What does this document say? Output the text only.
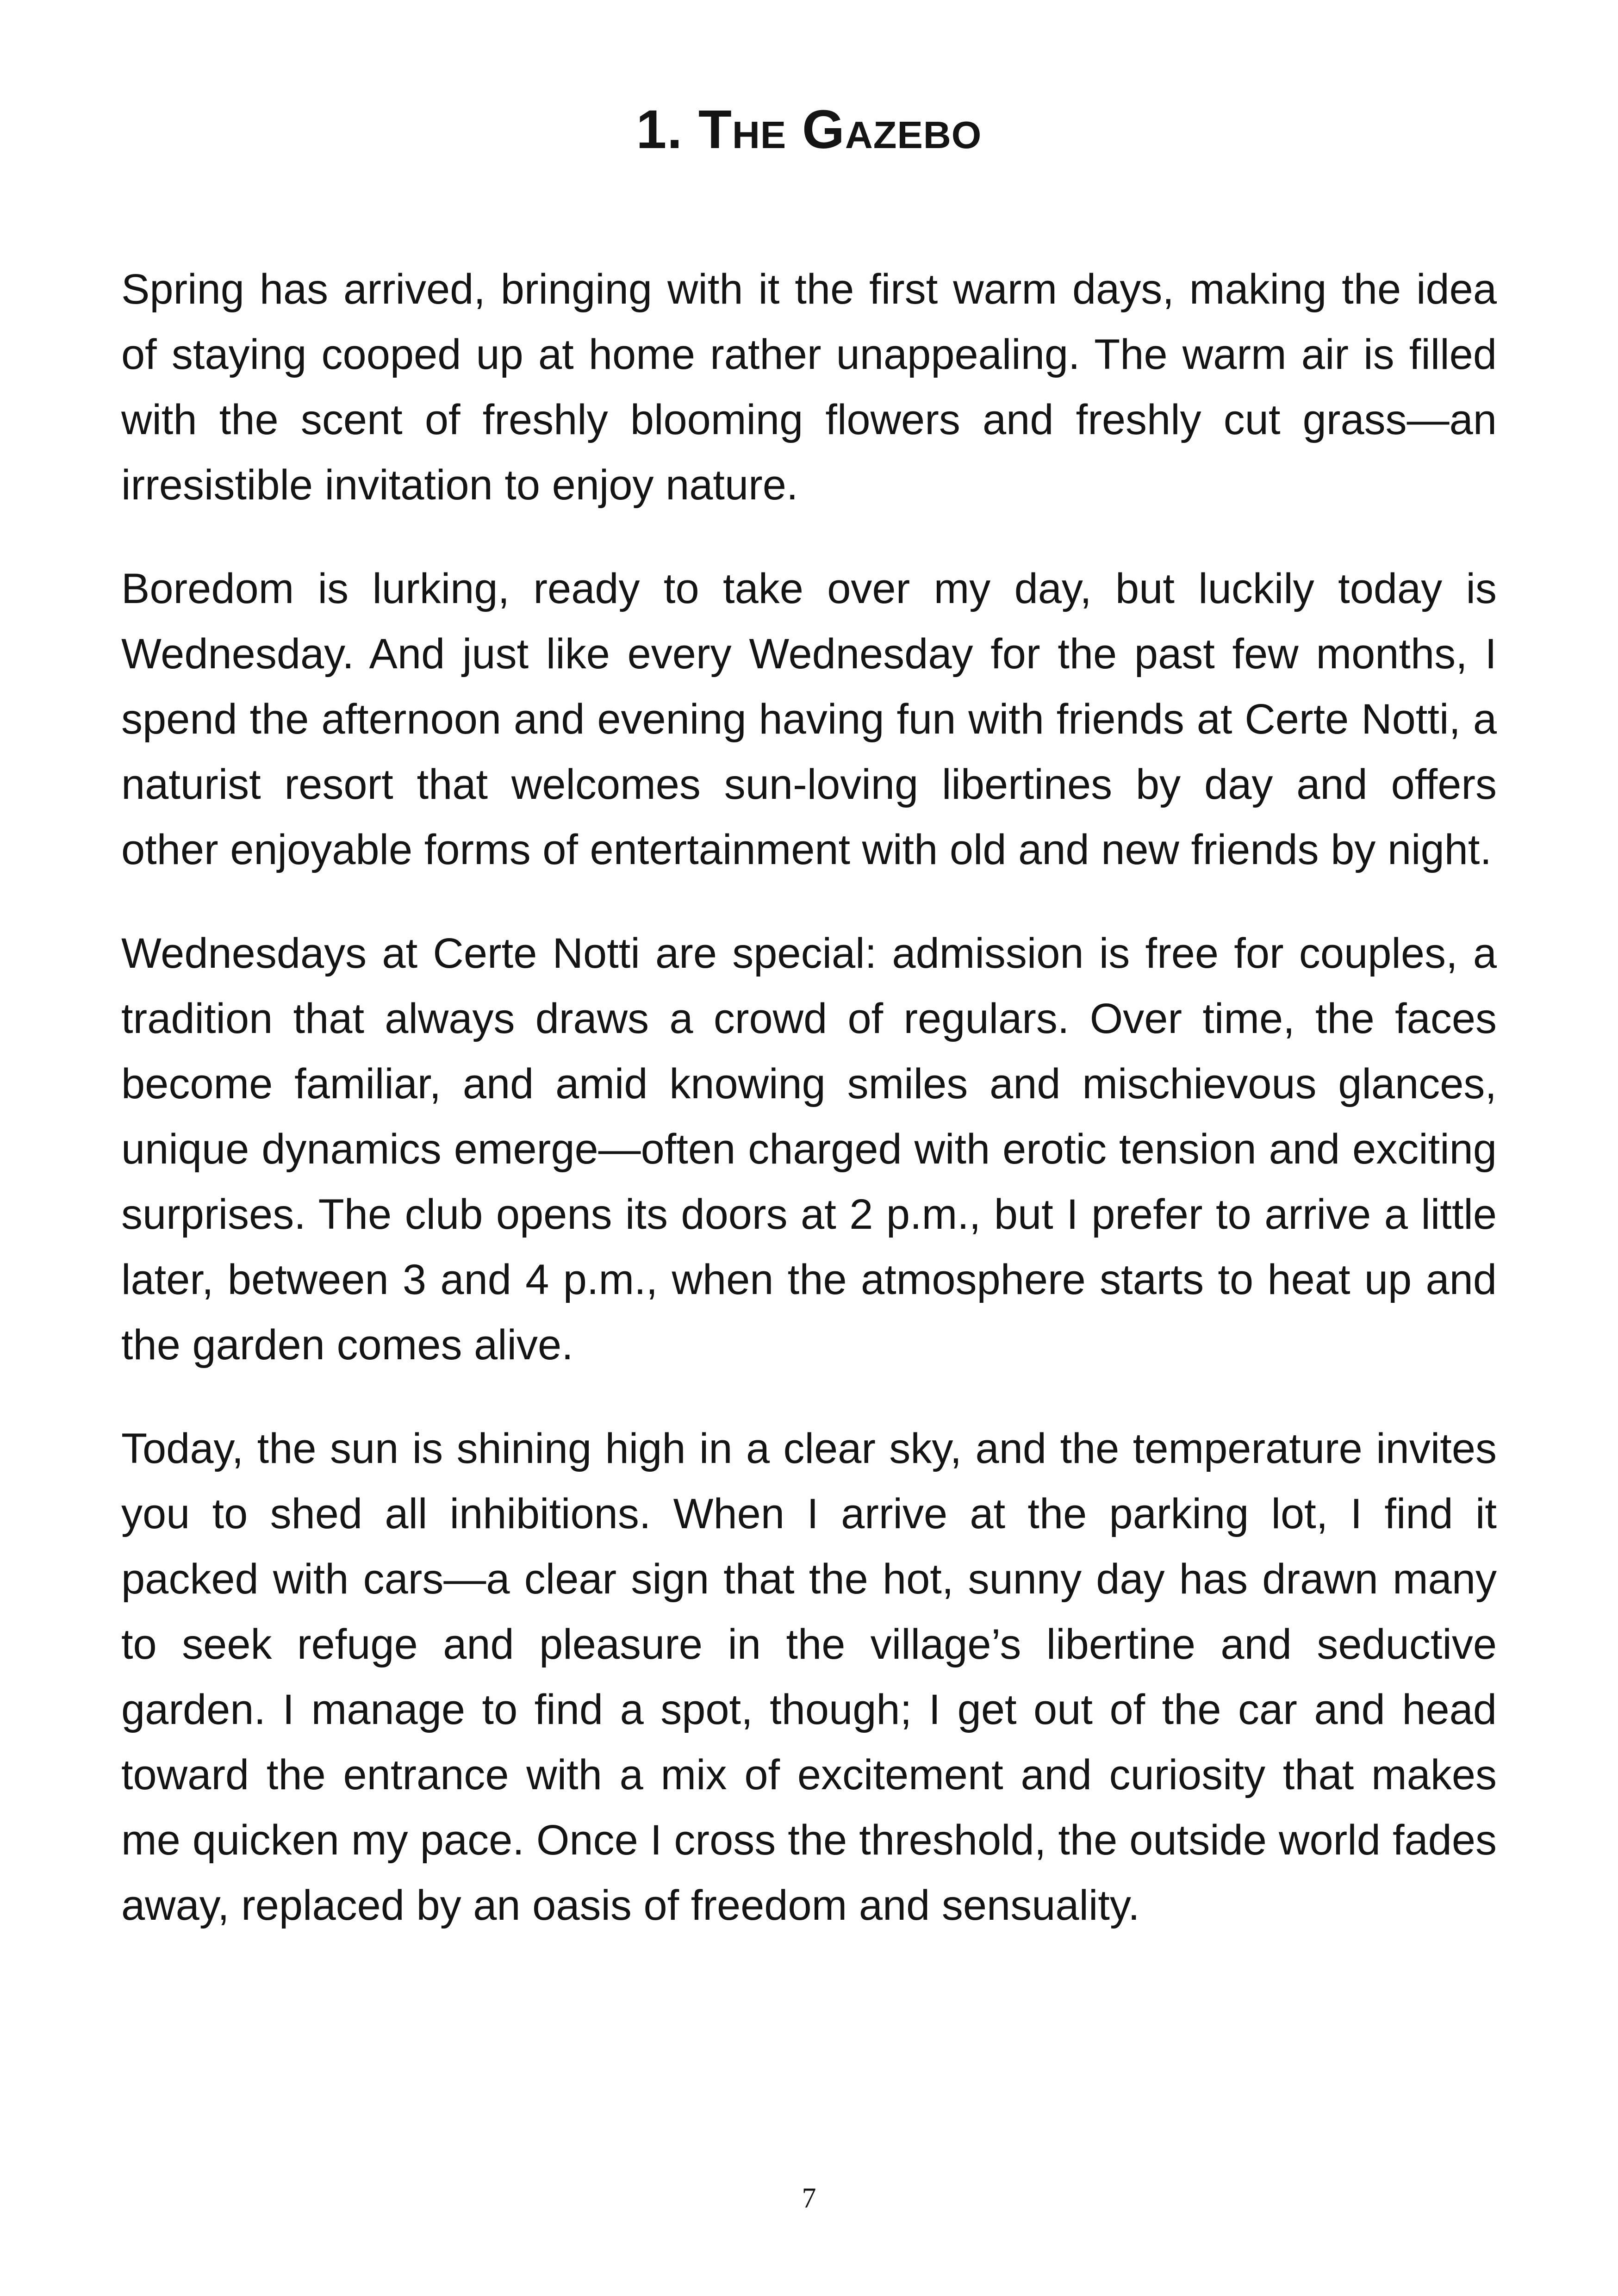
1. The Gazebo

Spring has arrived, bringing with it the first warm days, making the idea of staying cooped up at home rather unappealing. The warm air is filled with the scent of freshly blooming flowers and freshly cut grass—an irresistible invitation to enjoy nature.

Boredom is lurking, ready to take over my day, but luckily today is Wednesday. And just like every Wednesday for the past few months, I spend the afternoon and evening having fun with friends at Certe Notti, a naturist resort that welcomes sun-loving libertines by day and offers other enjoyable forms of entertainment with old and new friends by night.

Wednesdays at Certe Notti are special: admission is free for couples, a tradition that always draws a crowd of regulars. Over time, the faces become familiar, and amid knowing smiles and mischievous glances, unique dynamics emerge—often charged with erotic tension and exciting surprises. The club opens its doors at 2 p.m., but I prefer to arrive a little later, between 3 and 4 p.m., when the atmosphere starts to heat up and the garden comes alive.

Today, the sun is shining high in a clear sky, and the temperature invites you to shed all inhibitions. When I arrive at the parking lot, I find it packed with cars—a clear sign that the hot, sunny day has drawn many to seek refuge and pleasure in the village’s libertine and seductive garden. I manage to find a spot, though; I get out of the car and head toward the entrance with a mix of excitement and curiosity that makes me quicken my pace. Once I cross the threshold, the outside world fades away, replaced by an oasis of freedom and sensuality.

7
